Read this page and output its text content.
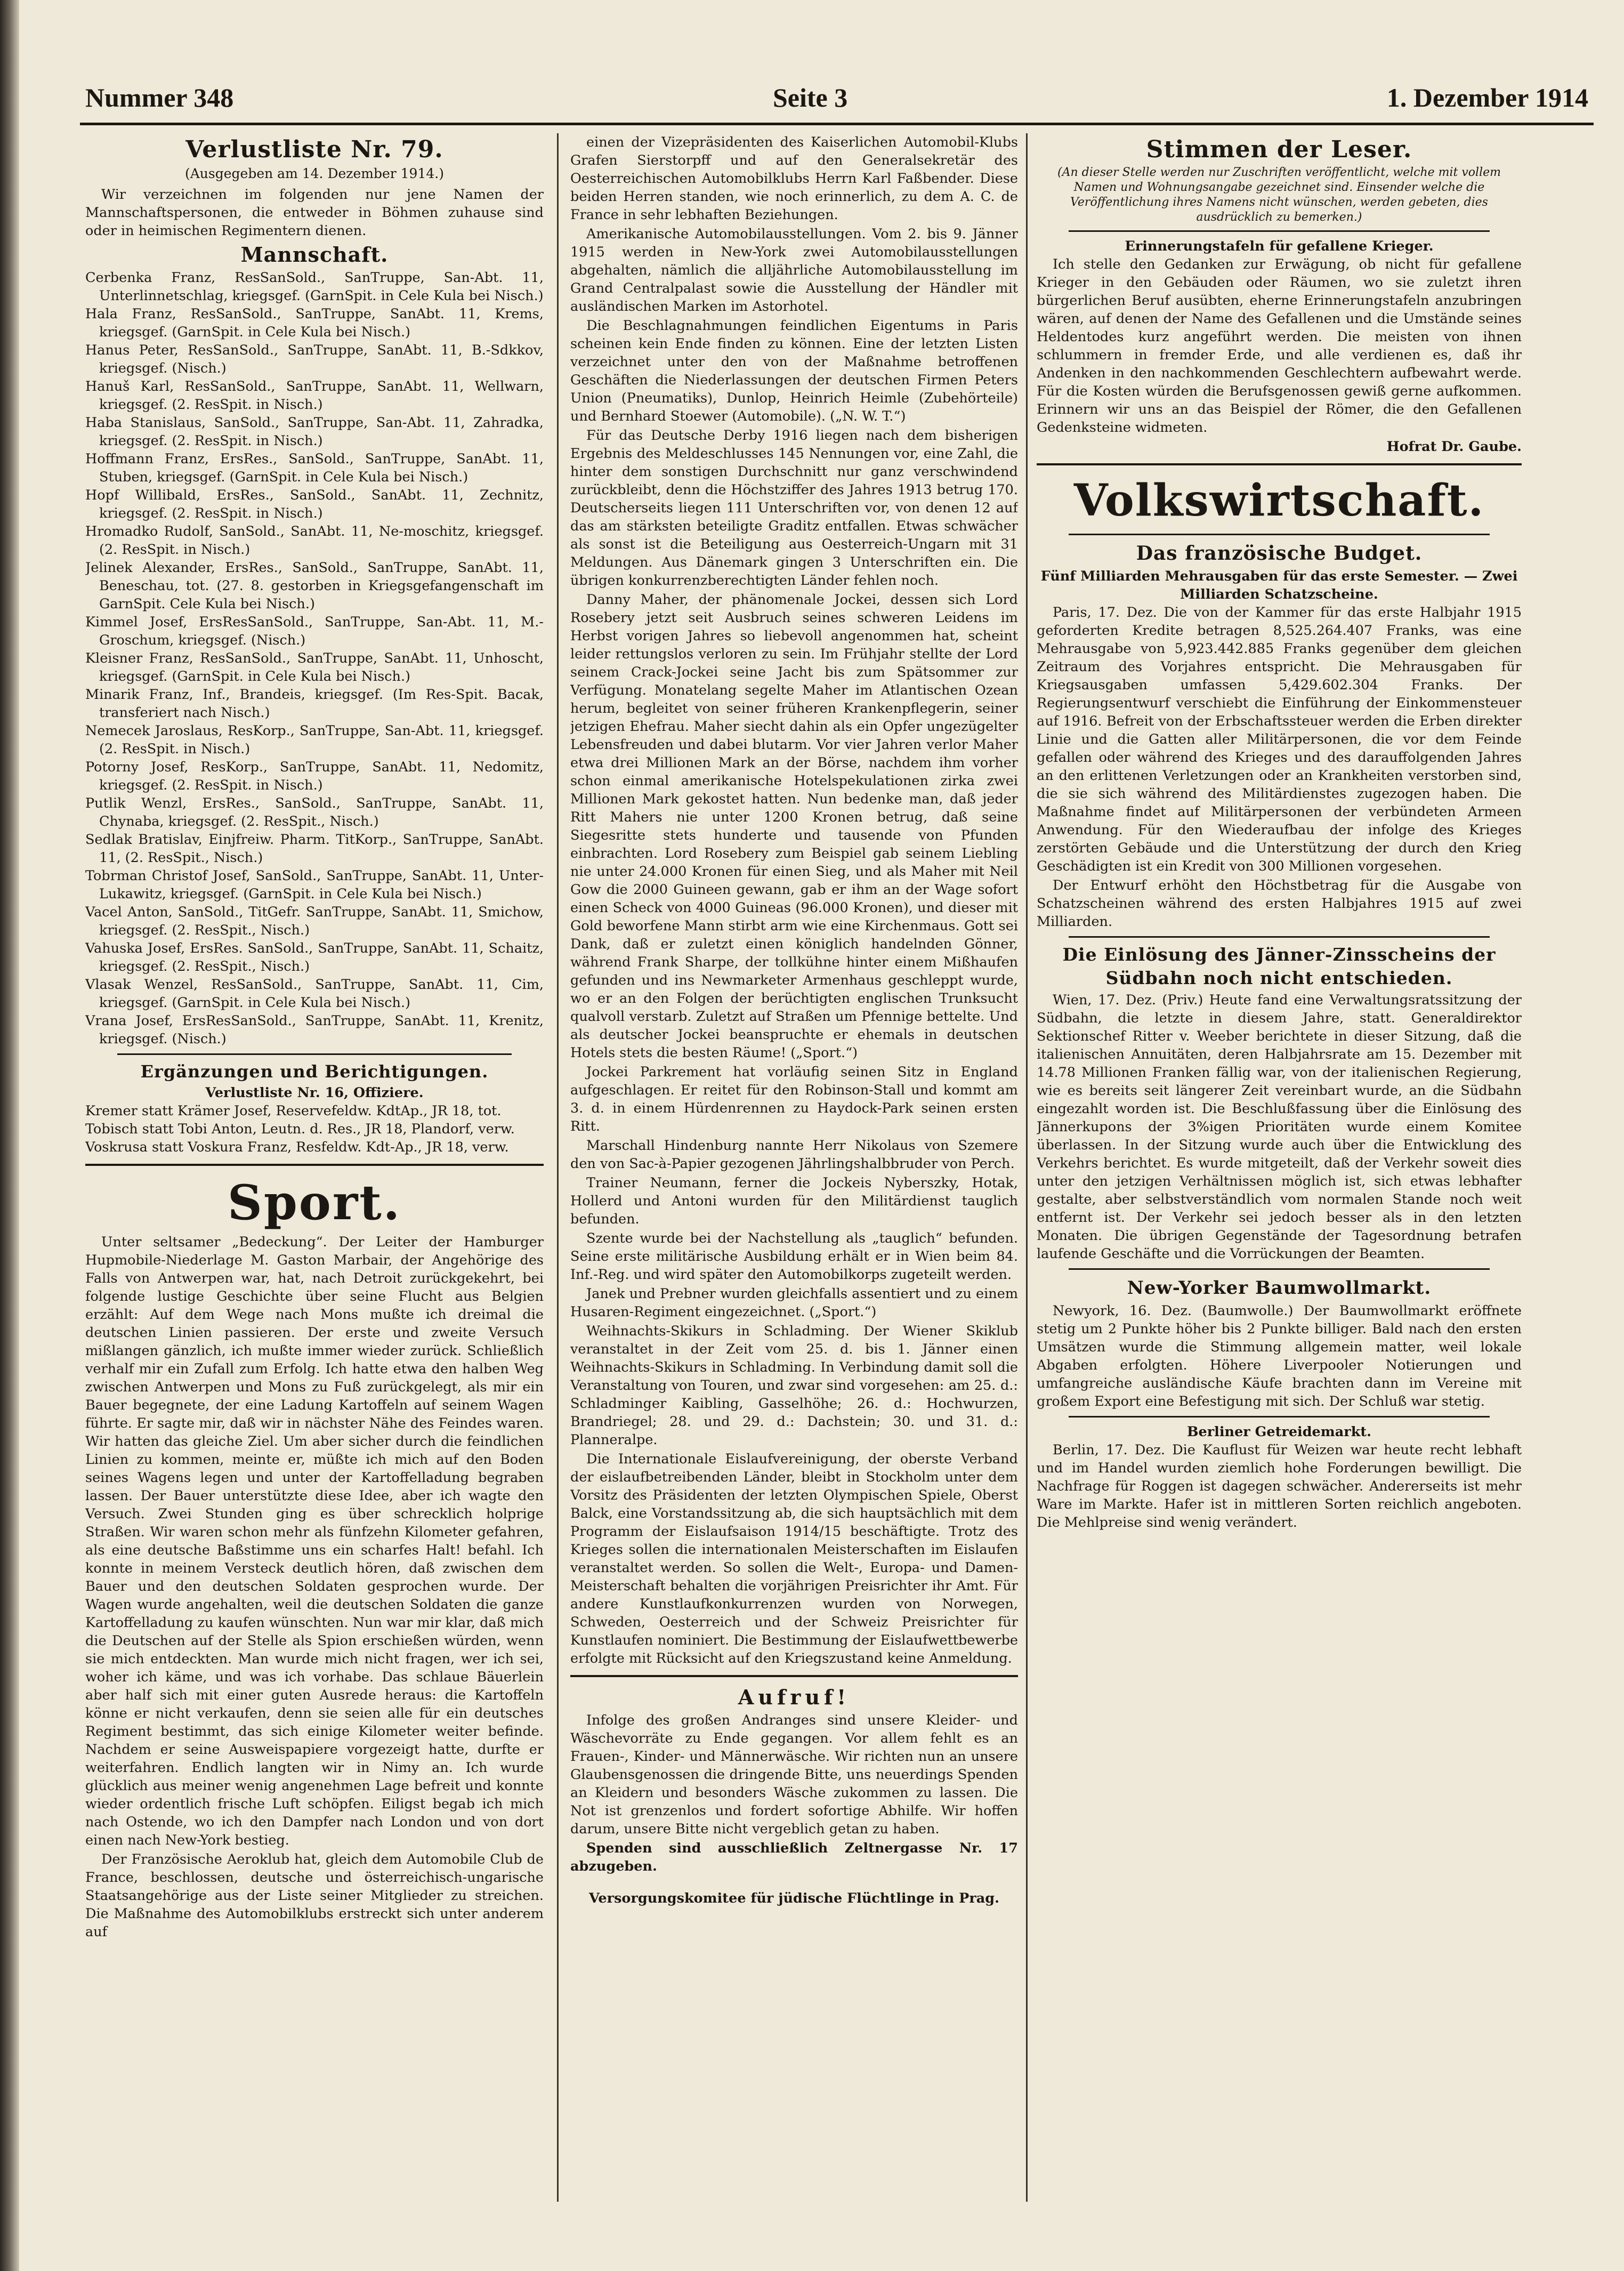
Nummer 348	Seite 3	1. Dezember 1914
Verlustliste Nr. 79.
(Ausgegeben am 14. Dezember 1914.)

Wir verzeichnen im folgenden nur jene Namen der Mannschaftspersonen, die entweder in Böhmen zuhause sind oder in heimischen Regimentern dienen.

Mannschaft.

Cerbenka Franz, ResSanSold., SanTruppe, San-Abt. 11, Unterlinnetschlag, kriegsgef. (GarnSpit. in Cele Kula bei Nisch.)

Hala Franz, ResSanSold., SanTruppe, SanAbt. 11, Krems, kriegsgef. (GarnSpit. in Cele Kula bei Nisch.)

Hanus Peter, ResSanSold., SanTruppe, SanAbt. 11, B.-Sdkkov, kriegsgef. (Nisch.)

Hanuš Karl, ResSanSold., SanTruppe, SanAbt. 11, Wellwarn, kriegsgef. (2. ResSpit. in Nisch.)

Haba Stanislaus, SanSold., SanTruppe, San-Abt. 11, Zahradka, kriegsgef. (2. ResSpit. in Nisch.)

Hoffmann Franz, ErsRes., SanSold., SanTruppe, SanAbt. 11, Stuben, kriegsgef. (GarnSpit. in Cele Kula bei Nisch.)

Hopf Willibald, ErsRes., SanSold., SanAbt. 11, Zechnitz, kriegsgef. (2. ResSpit. in Nisch.)

Hromadko Rudolf, SanSold., SanAbt. 11, Ne-moschitz, kriegsgef. (2. ResSpit. in Nisch.)

Jelinek Alexander, ErsRes., SanSold., SanTruppe, SanAbt. 11, Beneschau, tot. (27. 8. gestorben in Kriegsgefangenschaft im GarnSpit. Cele Kula bei Nisch.)

Kimmel Josef, ErsResSanSold., SanTruppe, San-Abt. 11, M.-Groschum, kriegsgef. (Nisch.)

Kleisner Franz, ResSanSold., SanTruppe, SanAbt. 11, Unhoscht, kriegsgef. (GarnSpit. in Cele Kula bei Nisch.)

Minarik Franz, Inf., Brandeis, kriegsgef. (Im Res-Spit. Bacak, transferiert nach Nisch.)

Nemecek Jaroslaus, ResKorp., SanTruppe, San-Abt. 11, kriegsgef. (2. ResSpit. in Nisch.)

Potorny Josef, ResKorp., SanTruppe, SanAbt. 11, Nedomitz, kriegsgef. (2. ResSpit. in Nisch.)

Putlik Wenzl, ErsRes., SanSold., SanTruppe, SanAbt. 11, Chynaba, kriegsgef. (2. ResSpit., Nisch.)

Sedlak Bratislav, Einjfreiw. Pharm. TitKorp., SanTruppe, SanAbt. 11, (2. ResSpit., Nisch.)

Tobrman Christof Josef, SanSold., SanTruppe, SanAbt. 11, Unter-Lukawitz, kriegsgef. (GarnSpit. in Cele Kula bei Nisch.)

Vacel Anton, SanSold., TitGefr. SanTruppe, SanAbt. 11, Smichow, kriegsgef. (2. ResSpit., Nisch.)

Vahuska Josef, ErsRes. SanSold., SanTruppe, SanAbt. 11, Schaitz, kriegsgef. (2. ResSpit., Nisch.)

Vlasak Wenzel, ResSanSold., SanTruppe, SanAbt. 11, Cim, kriegsgef. (GarnSpit. in Cele Kula bei Nisch.)

Vrana Josef, ErsResSanSold., SanTruppe, SanAbt. 11, Krenitz, kriegsgef. (Nisch.)

Ergänzungen und Berichtigungen.
Verlustliste Nr. 16, Offiziere.

Kremer statt Krämer Josef, Reservefeldw. KdtAp., JR 18, tot.

Tobisch statt Tobi Anton, Leutn. d. Res., JR 18, Plandorf, verw.

Voskrusa statt Voskura Franz, Resfeldw. Kdt-Ap., JR 18, verw.

Sport.

Unter seltsamer „Bedeckung“. Der Leiter der Hamburger Hupmobile-Niederlage M. Gaston Marbair, der Angehörige des Falls von Antwerpen war, hat, nach Detroit zurückgekehrt, bei folgende lustige Geschichte über seine Flucht aus Belgien erzählt: Auf dem Wege nach Mons mußte ich dreimal die deutschen Linien passieren. Der erste und zweite Versuch mißlangen gänzlich, ich mußte immer wieder zurück. Schließlich verhalf mir ein Zufall zum Erfolg. Ich hatte etwa den halben Weg zwischen Antwerpen und Mons zu Fuß zurückgelegt, als mir ein Bauer begegnete, der eine Ladung Kartoffeln auf seinem Wagen führte. Er sagte mir, daß wir in nächster Nähe des Feindes waren. Wir hatten das gleiche Ziel. Um aber sicher durch die feindlichen Linien zu kommen, meinte er, müßte ich mich auf den Boden seines Wagens legen und unter der Kartoffelladung begraben lassen. Der Bauer unterstützte diese Idee, aber ich wagte den Versuch. Zwei Stunden ging es über schrecklich holprige Straßen. Wir waren schon mehr als fünfzehn Kilometer gefahren, als eine deutsche Baßstimme uns ein scharfes Halt! befahl. Ich konnte in meinem Versteck deutlich hören, daß zwischen dem Bauer und den deutschen Soldaten gesprochen wurde. Der Wagen wurde angehalten, weil die deutschen Soldaten die ganze Kartoffelladung zu kaufen wünschten. Nun war mir klar, daß mich die Deutschen auf der Stelle als Spion erschießen würden, wenn sie mich entdeckten. Man wurde mich nicht fragen, wer ich sei, woher ich käme, und was ich vorhabe. Das schlaue Bäuerlein aber half sich mit einer guten Ausrede heraus: die Kartoffeln könne er nicht verkaufen, denn sie seien alle für ein deutsches Regiment bestimmt, das sich einige Kilometer weiter befinde. Nachdem er seine Ausweispapiere vorgezeigt hatte, durfte er weiterfahren. Endlich langten wir in Nimy an. Ich wurde glücklich aus meiner wenig angenehmen Lage befreit und konnte wieder ordentlich frische Luft schöpfen. Eiligst begab ich mich nach Ostende, wo ich den Dampfer nach London und von dort einen nach New-York bestieg.

Der Französische Aeroklub hat, gleich dem Automobile Club de France, beschlossen, deutsche und österreichisch-ungarische Staatsangehörige aus der Liste seiner Mitglieder zu streichen. Die Maßnahme des Automobilklubs erstreckt sich unter anderem auf

einen der Vizepräsidenten des Kaiserlichen Automobil-Klubs Grafen Sierstorpff und auf den Generalsekretär des Oesterreichischen Automobilklubs Herrn Karl Faßbender. Diese beiden Herren standen, wie noch erinnerlich, zu dem A. C. de France in sehr lebhaften Beziehungen.

Amerikanische Automobilausstellungen. Vom 2. bis 9. Jänner 1915 werden in New-York zwei Automobilausstellungen abgehalten, nämlich die alljährliche Automobilausstellung im Grand Centralpalast sowie die Ausstellung der Händler mit ausländischen Marken im Astorhotel.

Die Beschlagnahmungen feindlichen Eigentums in Paris scheinen kein Ende finden zu können. Eine der letzten Listen verzeichnet unter den von der Maßnahme betroffenen Geschäften die Niederlassungen der deutschen Firmen Peters Union (Pneumatiks), Dunlop, Heinrich Heimle (Zubehörteile) und Bernhard Stoewer (Automobile). („N. W. T.“)

Für das Deutsche Derby 1916 liegen nach dem bisherigen Ergebnis des Meldeschlusses 145 Nennungen vor, eine Zahl, die hinter dem sonstigen Durchschnitt nur ganz verschwindend zurückbleibt, denn die Höchstziffer des Jahres 1913 betrug 170. Deutscherseits liegen 111 Unterschriften vor, von denen 12 auf das am stärksten beteiligte Graditz entfallen. Etwas schwächer als sonst ist die Beteiligung aus Oesterreich-Ungarn mit 31 Meldungen. Aus Dänemark gingen 3 Unterschriften ein. Die übrigen konkurrenzberechtigten Länder fehlen noch.

Danny Maher, der phänomenale Jockei, dessen sich Lord Rosebery jetzt seit Ausbruch seines schweren Leidens im Herbst vorigen Jahres so liebevoll angenommen hat, scheint leider rettungslos verloren zu sein. Im Frühjahr stellte der Lord seinem Crack-Jockei seine Jacht bis zum Spätsommer zur Verfügung. Monatelang segelte Maher im Atlantischen Ozean herum, begleitet von seiner früheren Krankenpflegerin, seiner jetzigen Ehefrau. Maher siecht dahin als ein Opfer ungezügelter Lebensfreuden und dabei blutarm. Vor vier Jahren verlor Maher etwa drei Millionen Mark an der Börse, nachdem ihm vorher schon einmal amerikanische Hotelspekulationen zirka zwei Millionen Mark gekostet hatten. Nun bedenke man, daß jeder Ritt Mahers nie unter 1200 Kronen betrug, daß seine Siegesritte stets hunderte und tausende von Pfunden einbrachten. Lord Rosebery zum Beispiel gab seinem Liebling nie unter 24.000 Kronen für einen Sieg, und als Maher mit Neil Gow die 2000 Guineen gewann, gab er ihm an der Wage sofort einen Scheck von 4000 Guineas (96.000 Kronen), und dieser mit Gold beworfene Mann stirbt arm wie eine Kirchenmaus. Gott sei Dank, daß er zuletzt einen königlich handelnden Gönner, während Frank Sharpe, der tollkühne hinter einem Mißhaufen gefunden und ins Newmarketer Armenhaus geschleppt wurde, wo er an den Folgen der berüchtigten englischen Trunksucht qualvoll verstarb. Zuletzt auf Straßen um Pfennige bettelte. Und als deutscher Jockei beanspruchte er ehemals in deutschen Hotels stets die besten Räume! („Sport.“)

Jockei Parkrement hat vorläufig seinen Sitz in England aufgeschlagen. Er reitet für den Robinson-Stall und kommt am 3. d. in einem Hürdenrennen zu Haydock-Park seinen ersten Ritt.

Marschall Hindenburg nannte Herr Nikolaus von Szemere den von Sac-à-Papier gezogenen Jährlingshalbbruder von Perch.

Trainer Neumann, ferner die Jockeis Nyberszky, Hotak, Hollerd und Antoni wurden für den Militärdienst tauglich befunden.

Szente wurde bei der Nachstellung als „tauglich“ befunden. Seine erste militärische Ausbildung erhält er in Wien beim 84. Inf.-Reg. und wird später den Automobilkorps zugeteilt werden.

Janek und Prebner wurden gleichfalls assentiert und zu einem Husaren-Regiment eingezeichnet. („Sport.“)

Weihnachts-Skikurs in Schladming. Der Wiener Skiklub veranstaltet in der Zeit vom 25. d. bis 1. Jänner einen Weihnachts-Skikurs in Schladming. In Verbindung damit soll die Veranstaltung von Touren, und zwar sind vorgesehen: am 25. d.: Schladminger Kaibling, Gasselhöhe; 26. d.: Hochwurzen, Brandriegel; 28. und 29. d.: Dachstein; 30. und 31. d.: Planneralpe.

Die Internationale Eislaufvereinigung, der oberste Verband der eislaufbetreibenden Länder, bleibt in Stockholm unter dem Vorsitz des Präsidenten der letzten Olympischen Spiele, Oberst Balck, eine Vorstandssitzung ab, die sich hauptsächlich mit dem Programm der Eislaufsaison 1914/15 beschäftigte. Trotz des Krieges sollen die internationalen Meisterschaften im Eislaufen veranstaltet werden. So sollen die Welt-, Europa- und Damen-Meisterschaft behalten die vorjährigen Preisrichter ihr Amt. Für andere Kunstlaufkonkurrenzen wurden von Norwegen, Schweden, Oesterreich und der Schweiz Preisrichter für Kunstlaufen nominiert. Die Bestimmung der Eislaufwettbewerbe erfolgte mit Rücksicht auf den Kriegszustand keine Anmeldung.

Aufruf!

Infolge des großen Andranges sind unsere Kleider- und Wäschevorräte zu Ende gegangen. Vor allem fehlt es an Frauen-, Kinder- und Männerwäsche. Wir richten nun an unsere Glaubensgenossen die dringende Bitte, uns neuerdings Spenden an Kleidern und besonders Wäsche zukommen zu lassen. Die Not ist grenzenlos und fordert sofortige Abhilfe. Wir hoffen darum, unsere Bitte nicht vergeblich getan zu haben.

Spenden sind ausschließlich Zeltnergasse Nr. 17 abzugeben.

Versorgungskomitee für jüdische Flüchtlinge in Prag.

Stimmen der Leser.
(An dieser Stelle werden nur Zuschriften veröffentlicht, welche mit vollem Namen und Wohnungsangabe gezeichnet sind. Einsender welche die Veröffentlichung ihres Namens nicht wünschen, werden gebeten, dies ausdrücklich zu bemerken.)
Erinnerungstafeln für gefallene Krieger.

Ich stelle den Gedanken zur Erwägung, ob nicht für gefallene Krieger in den Gebäuden oder Räumen, wo sie zuletzt ihren bürgerlichen Beruf ausübten, eherne Erinnerungstafeln anzubringen wären, auf denen der Name des Gefallenen und die Umstände seines Heldentodes kurz angeführt werden. Die meisten von ihnen schlummern in fremder Erde, und alle verdienen es, daß ihr Andenken in den nachkommenden Geschlechtern aufbewahrt werde. Für die Kosten würden die Berufsgenossen gewiß gerne aufkommen. Erinnern wir uns an das Beispiel der Römer, die den Gefallenen Gedenksteine widmeten.

Hofrat Dr. Gaube.

Volkswirtschaft.
Das französische Budget.
Fünf Milliarden Mehrausgaben für das erste Semester. — Zwei Milliarden Schatzscheine.

Paris, 17. Dez. Die von der Kammer für das erste Halbjahr 1915 geforderten Kredite betragen 8,525.264.407 Franks, was eine Mehrausgabe von 5,923.442.885 Franks gegenüber dem gleichen Zeitraum des Vorjahres entspricht. Die Mehrausgaben für Kriegsausgaben umfassen 5,429.602.304 Franks. Der Regierungsentwurf verschiebt die Einführung der Einkommensteuer auf 1916. Befreit von der Erbschaftssteuer werden die Erben direkter Linie und die Gatten aller Militärpersonen, die vor dem Feinde gefallen oder während des Krieges und des darauffolgenden Jahres an den erlittenen Verletzungen oder an Krankheiten verstorben sind, die sie sich während des Militärdienstes zugezogen haben. Die Maßnahme findet auf Militärpersonen der verbündeten Armeen Anwendung. Für den Wiederaufbau der infolge des Krieges zerstörten Gebäude und die Unterstützung der durch den Krieg Geschädigten ist ein Kredit von 300 Millionen vorgesehen.

Der Entwurf erhöht den Höchstbetrag für die Ausgabe von Schatzscheinen während des ersten Halbjahres 1915 auf zwei Milliarden.

Die Einlösung des Jänner-Zinsscheins der Südbahn noch nicht entschieden.

Wien, 17. Dez. (Priv.) Heute fand eine Verwaltungsratssitzung der Südbahn, die letzte in diesem Jahre, statt. Generaldirektor Sektionschef Ritter v. Weeber berichtete in dieser Sitzung, daß die italienischen Annuitäten, deren Halbjahrsrate am 15. Dezember mit 14.78 Millionen Franken fällig war, von der italienischen Regierung, wie es bereits seit längerer Zeit vereinbart wurde, an die Südbahn eingezahlt worden ist. Die Beschlußfassung über die Einlösung des Jännerkupons der 3%igen Prioritäten wurde einem Komitee überlassen. In der Sitzung wurde auch über die Entwicklung des Verkehrs berichtet. Es wurde mitgeteilt, daß der Verkehr soweit dies unter den jetzigen Verhältnissen möglich ist, sich etwas lebhafter gestalte, aber selbstverständlich vom normalen Stande noch weit entfernt ist. Der Verkehr sei jedoch besser als in den letzten Monaten. Die übrigen Gegenstände der Tagesordnung betrafen laufende Geschäfte und die Vorrückungen der Beamten.

New-Yorker Baumwollmarkt.

Newyork, 16. Dez. (Baumwolle.) Der Baumwollmarkt eröffnete stetig um 2 Punkte höher bis 2 Punkte billiger. Bald nach den ersten Umsätzen wurde die Stimmung allgemein matter, weil lokale Abgaben erfolgten. Höhere Liverpooler Notierungen und umfangreiche ausländische Käufe brachten dann im Vereine mit großem Export eine Befestigung mit sich. Der Schluß war stetig.

Berliner Getreidemarkt.

Berlin, 17. Dez. Die Kauflust für Weizen war heute recht lebhaft und im Handel wurden ziemlich hohe Forderungen bewilligt. Die Nachfrage für Roggen ist dagegen schwächer. Andererseits ist mehr Ware im Markte. Hafer ist in mittleren Sorten reichlich angeboten. Die Mehlpreise sind wenig verändert.
